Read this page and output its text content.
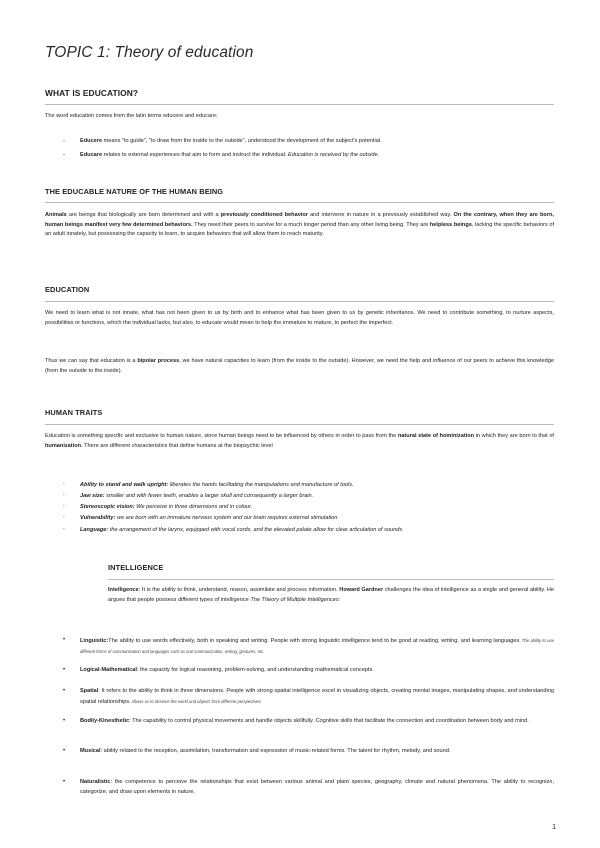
TOPIC 1: Theory of education
WHAT IS EDUCATION?

The word education comes from the latin terms educere and educare:

-	Educere means "to guide", "to draw from the inside to the outside", understood the development of the subject's potential.

-	Educare relates to external experiences that aim to form and instruct the individual. Education is received by the outside.

THE EDUCABLE NATURE OF THE HUMAN BEING

Animals are beings that biologically are born determined and with a previously conditioned behavior and intervene in nature in a previously established way. On the contrary, when they are born, human beings manifest very few determined behaviors. They need their peers to survive for a much longer period than any other living being. They are helpless beings, lacking the specific behaviors of an adult innately, but possessing the capacity to learn, to acquire behaviors that will allow them to reach maturity.

EDUCATION

We need to learn what is not innate, what has not been given to us by birth and to enhance what has been given to us by genetic inheritance. We need to contribute something, to nurture aspects, possibilities or functions, which the individual lacks, but also, to educate would mean to help the immature to mature, to perfect the imperfect.

Thus we can say that education is a bipolar process, we have natural capacities to learn (from the inside to the outside). However, we need the help and influence of our peers to achieve this knowledge (from the outside to the inside).

HUMAN TRAITS

Education is something specific and exclusive to human nature, since human beings need to be influenced by others in order to pass from the natural state of hominization in which they are born to that of humanization. There are different characteristics that define humans at the biopsychic level

-	Ability to stand and walk upright: liberates the hands facilitating the manipulations and manufacture of tools.

-	Jaw size: smaller and with fewer teeth, enables a larger skull and consequently a larger brain.

-	Stereoscopic vision: We perceive in three dimensions and in colour.

-	Vulnerability: we are born with an immature nervous system and our brain requires external stimulation.

-	Language: the arrangement of the larynx, equipped with vocal cords, and the elevated palate allow for clear articulation of sounds

INTELLIGENCE

Intelligence: It is the ability to think, understand, reason, assimilate and process information. Howard Gardner challenges the idea of intelligence as a single and general ability. He argues that people possess different types of intelligence The Theory of Multiple Intelligences:

•	Linguistic:The ability to use words effectively, both in speaking and writing. People with strong linguistic intelligence tend to be good at reading, writing, and learning languages. The ability to use different forms of communication and languages such as oral communication, writing, gestures, etc.

•	Logical-Mathematical: the capacity for logical reasoning, problem-solving, and understanding mathematical concepts.

•	Spatial: It refers to the ability to think in three dimensions. People with strong spatial intelligence excel in visualizing objects, creating mental images, manipulating shapes, and understanding spatial relationships. Allows us to observe the world and objects from different perspectives

•	Bodily-Kinesthetic: The capability to control physical movements and handle objects skillfully. Cognitive skills that facilitate the connection and coordination between body and mind.

•	Musical: ability related to the reception, assimilation, transformation and expression of music-related forms. The talent for rhythm, melody, and sound.

•	Naturalistic: the competence to perceive the relationships that exist between various animal and plant species, geography, climate and natural phenomena. The ability to recognize, categorize, and draw upon elements in nature.

1
